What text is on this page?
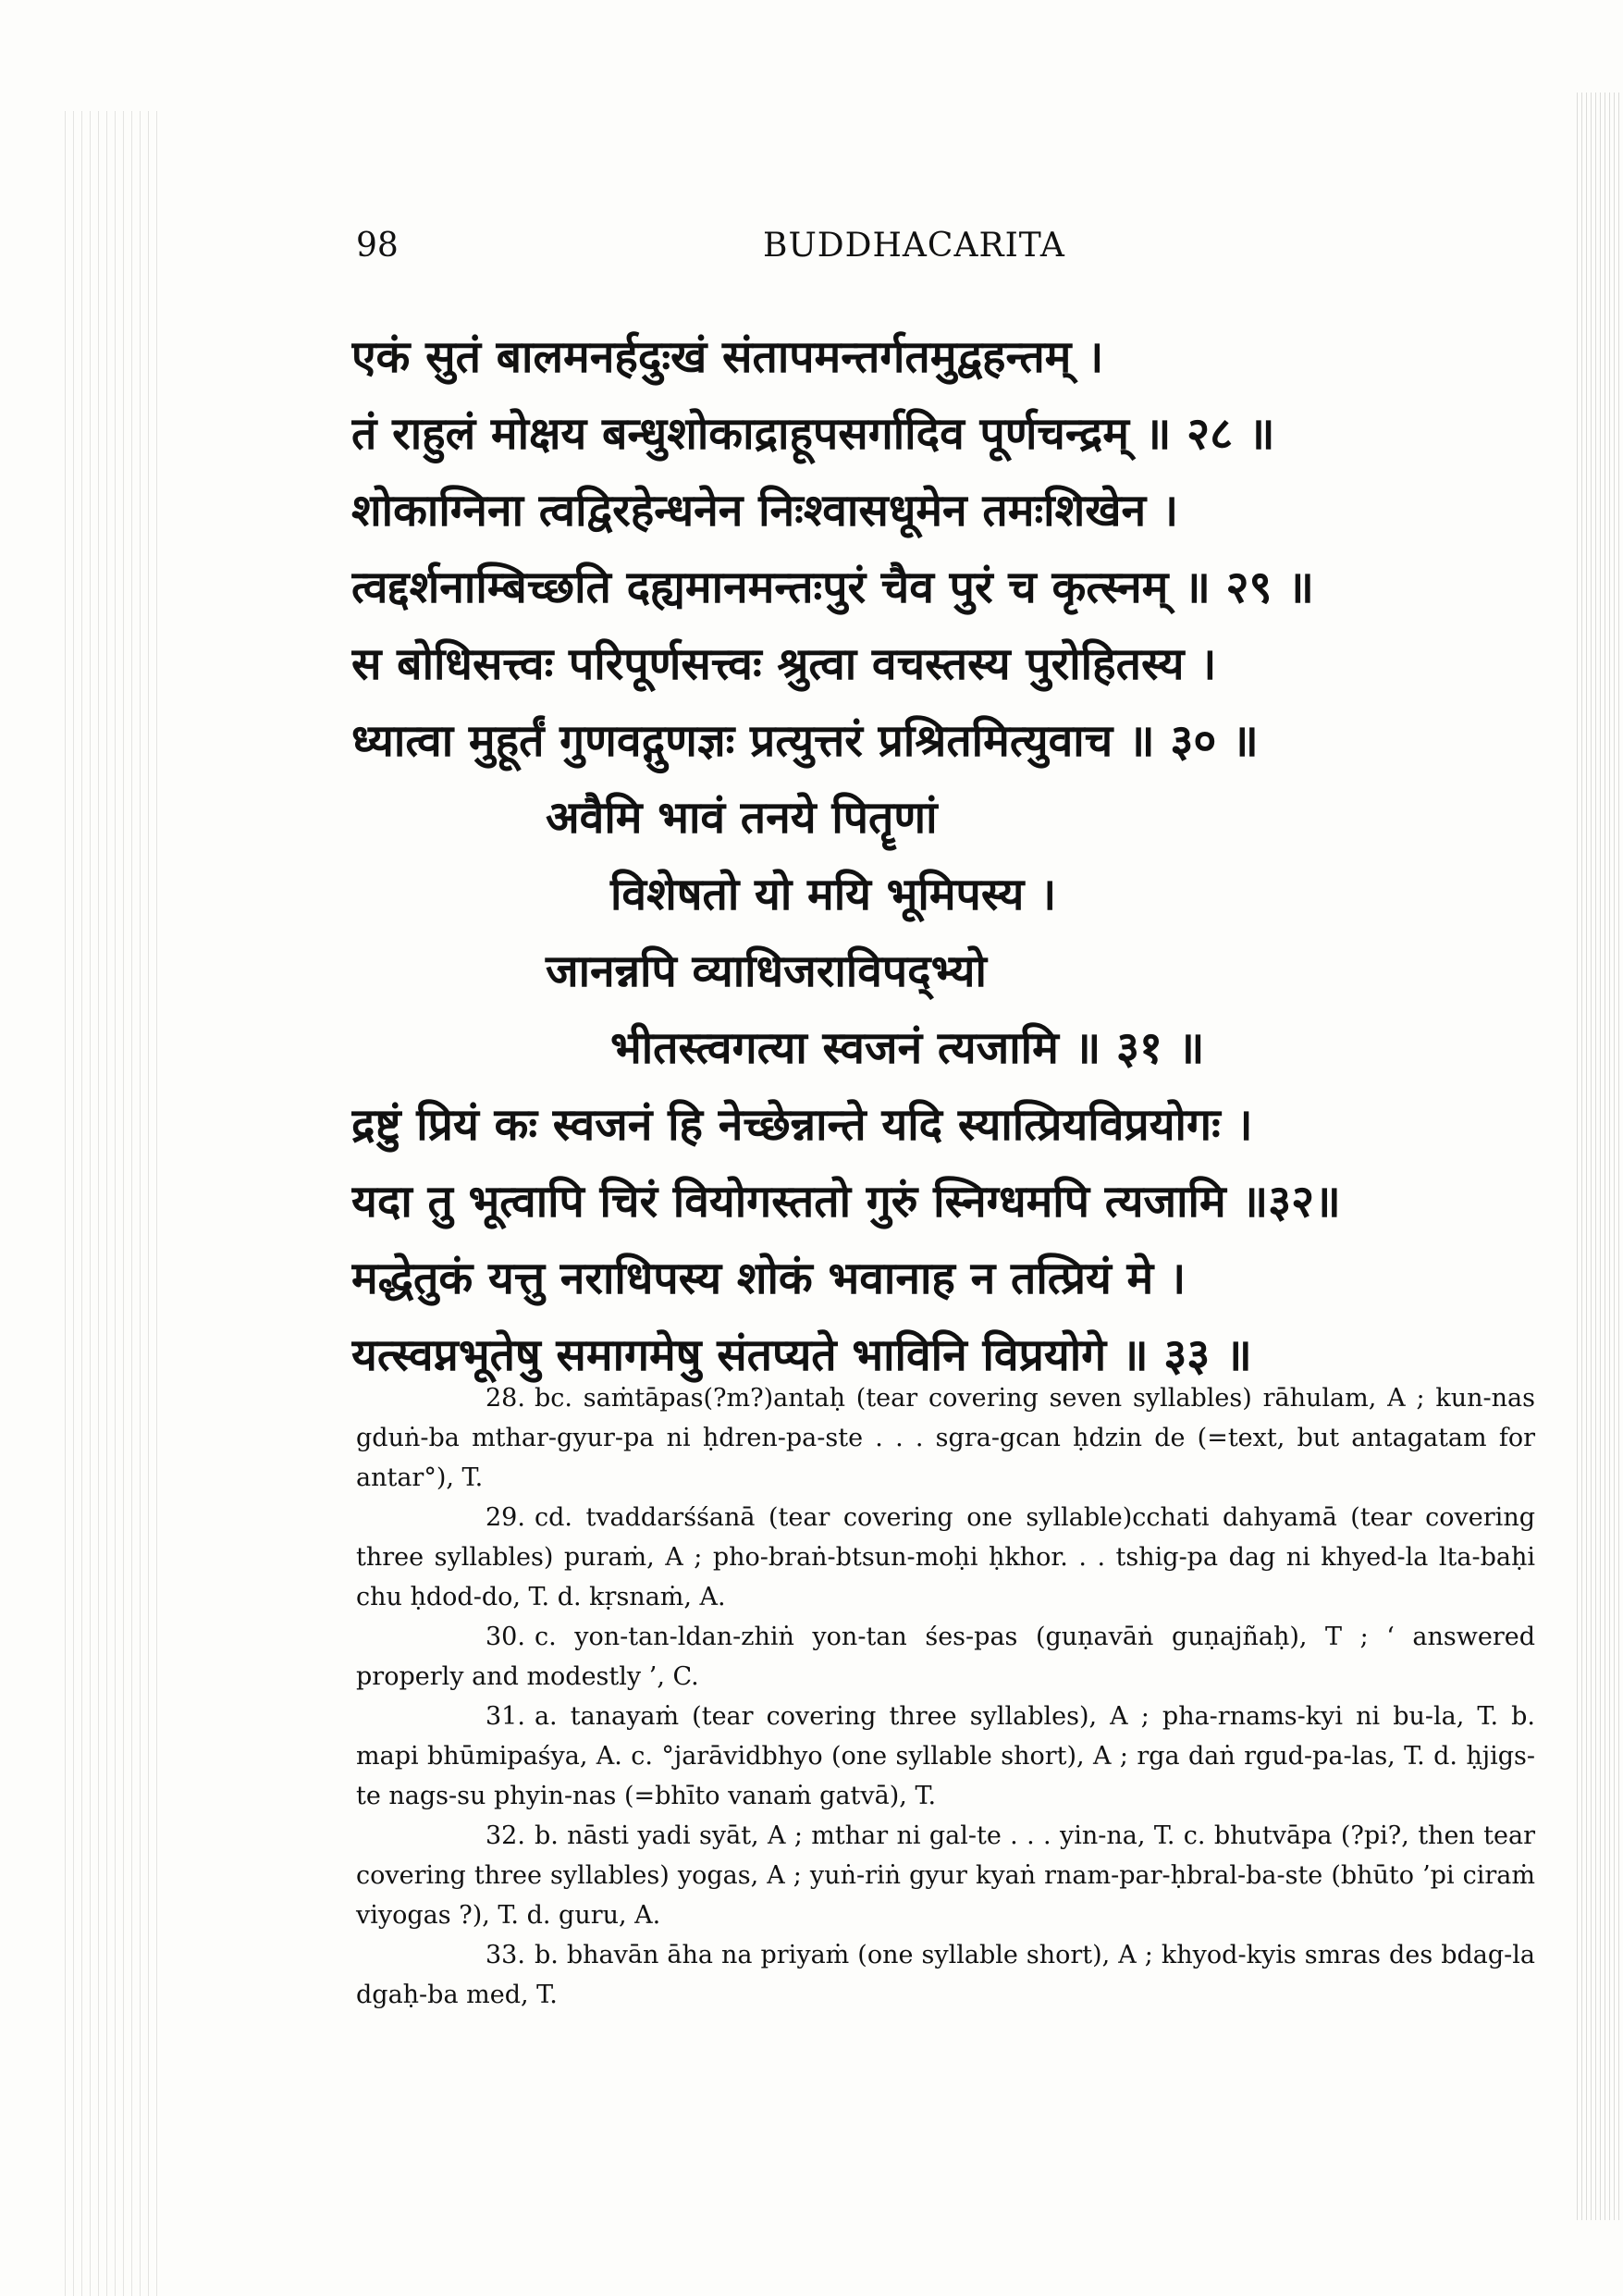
98	BUDDHACARITA
एकं सुतं बालमनर्हदुःखं संतापमन्तर्गतमुद्वहन्तम् ।
तं राहुलं मोक्षय बन्धुशोकाद्राहूपसर्गादिव पूर्णचन्द्रम् ॥ २८ ॥
शोकाग्निना त्वद्विरहेन्धनेन निःश्वासधूमेन तमःशिखेन ।
त्वद्दर्शनाम्बिच्छति दह्यमानमन्तःपुरं चैव पुरं च कृत्स्नम् ॥ २९ ॥
स बोधिसत्त्वः परिपूर्णसत्त्वः श्रुत्वा वचस्तस्य पुरोहितस्य ।
ध्यात्वा मुहूर्तं गुणवद्गुणज्ञः प्रत्युत्तरं प्रश्रितमित्युवाच ॥ ३० ॥
अवैमि भावं तनये पितॄणां
विशेषतो यो मयि भूमिपस्य ।
जानन्नपि व्याधिजराविपद्भ्यो
भीतस्त्वगत्या स्वजनं त्यजामि ॥ ३१ ॥
द्रष्टुं प्रियं कः स्वजनं हि नेच्छेन्नान्ते यदि स्यात्प्रियविप्रयोगः ।
यदा तु भूत्वापि चिरं वियोगस्ततो गुरुं स्निग्धमपि त्यजामि ॥३२॥
मद्धेतुकं यत्तु नराधिपस्य शोकं भवानाह न तत्प्रियं मे ।
यत्स्वप्नभूतेषु समागमेषु संतप्यते भाविनि विप्रयोगे ॥ ३३ ॥

28. bc. saṁtāpas(?m?)antaḥ (tear covering seven syllables) rāhulam, A ; kun-nas gduṅ-ba mthar-gyur-pa ni ḥdren-pa-ste . . . sgra-gcan ḥdzin de (=text, but antagatam for antar°), T.

29. cd. tvaddarśśanā (tear covering one syllable)cchati dahyamā (tear covering three syllables) puraṁ, A ; pho-braṅ-btsun-moḥi ḥkhor. . . tshig-pa dag ni khyed-la lta-baḥi chu ḥdod-do, T. d. kṛsnaṁ, A.

30. c. yon-tan-ldan-zhiṅ yon-tan śes-pas (guṇavāṅ guṇajñaḥ), T ; ‘ answered properly and modestly ’, C.

31. a. tanayaṁ (tear covering three syllables), A ; pha-rnams-kyi ni bu-la, T. b. mapi bhūmipaśya, A. c. °jarāvidbhyo (one syllable short), A ; rga daṅ rgud-pa-las, T. d. ḥjigs-te nags-su phyin-nas (=bhīto vanaṁ gatvā), T.

32. b. nāsti yadi syāt, A ; mthar ni gal-te . . . yin-na, T. c. bhutvāpa (?pi?, then tear covering three syllables) yogas, A ; yuṅ-riṅ gyur kyaṅ rnam-par-ḥbral-ba-ste (bhūto ’pi ciraṁ viyogas ?), T. d. guru, A.

33. b. bhavān āha na priyaṁ (one syllable short), A ; khyod-kyis smras des bdag-la dgaḥ-ba med, T.
